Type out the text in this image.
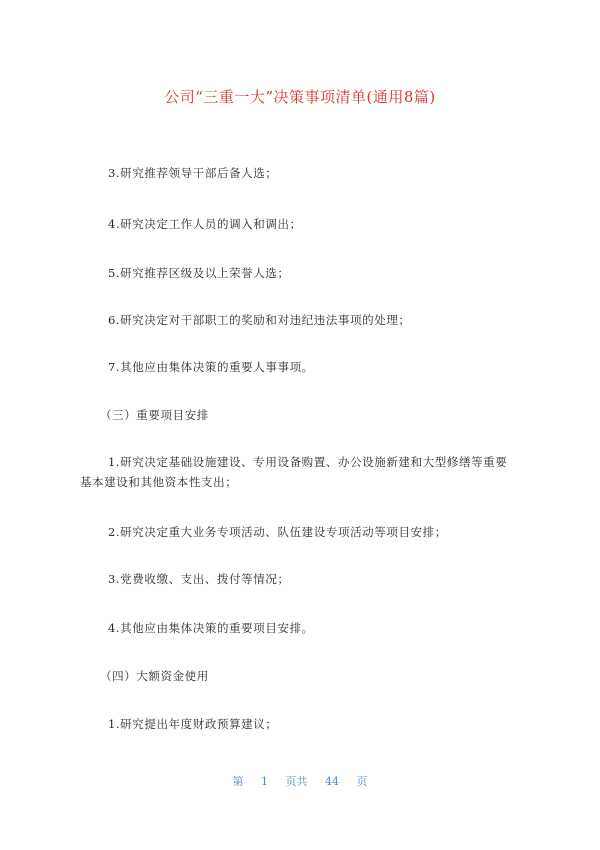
公司“三重一大”决策事项清单(通用8篇)
3.研究推荐领导干部后备人选；
4.研究决定工作人员的调入和调出；
5.研究推荐区级及以上荣誉人选；
6.研究决定对干部职工的奖励和对违纪违法事项的处理；
7.其他应由集体决策的重要人事事项。
（三）重要项目安排
1.研究决定基础设施建设、专用设备购置、办公设施新建和大型修缮等重要
基本建设和其他资本性支出；
2.研究决定重大业务专项活动、队伍建设专项活动等项目安排；
3.党费收缴、支出、拨付等情况；
4.其他应由集体决策的重要项目安排。
（四）大额资金使用
1.研究提出年度财政预算建议；
第 1 页共 44 页
